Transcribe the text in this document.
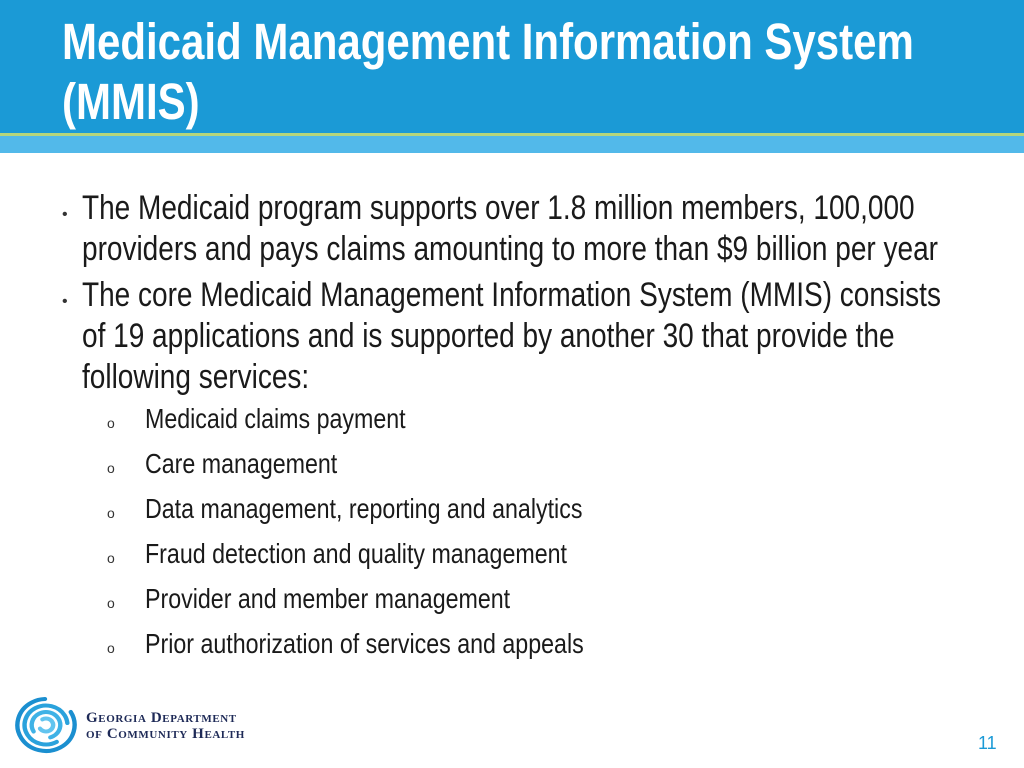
Medicaid Management Information System (MMIS)
• The Medicaid program supports over 1.8 million members, 100,000 providers and pays claims amounting to more than $9 billion per year
• The core Medicaid Management Information System (MMIS) consists of 19 applications and is supported by another 30 that provide the following services:
o	Medicaid claims payment
o	Care management
o	Data management, reporting and analytics
o	Fraud detection and quality management
o	Provider and member management
o	Prior authorization of services and appeals
Georgia Department
of Community Health	11
